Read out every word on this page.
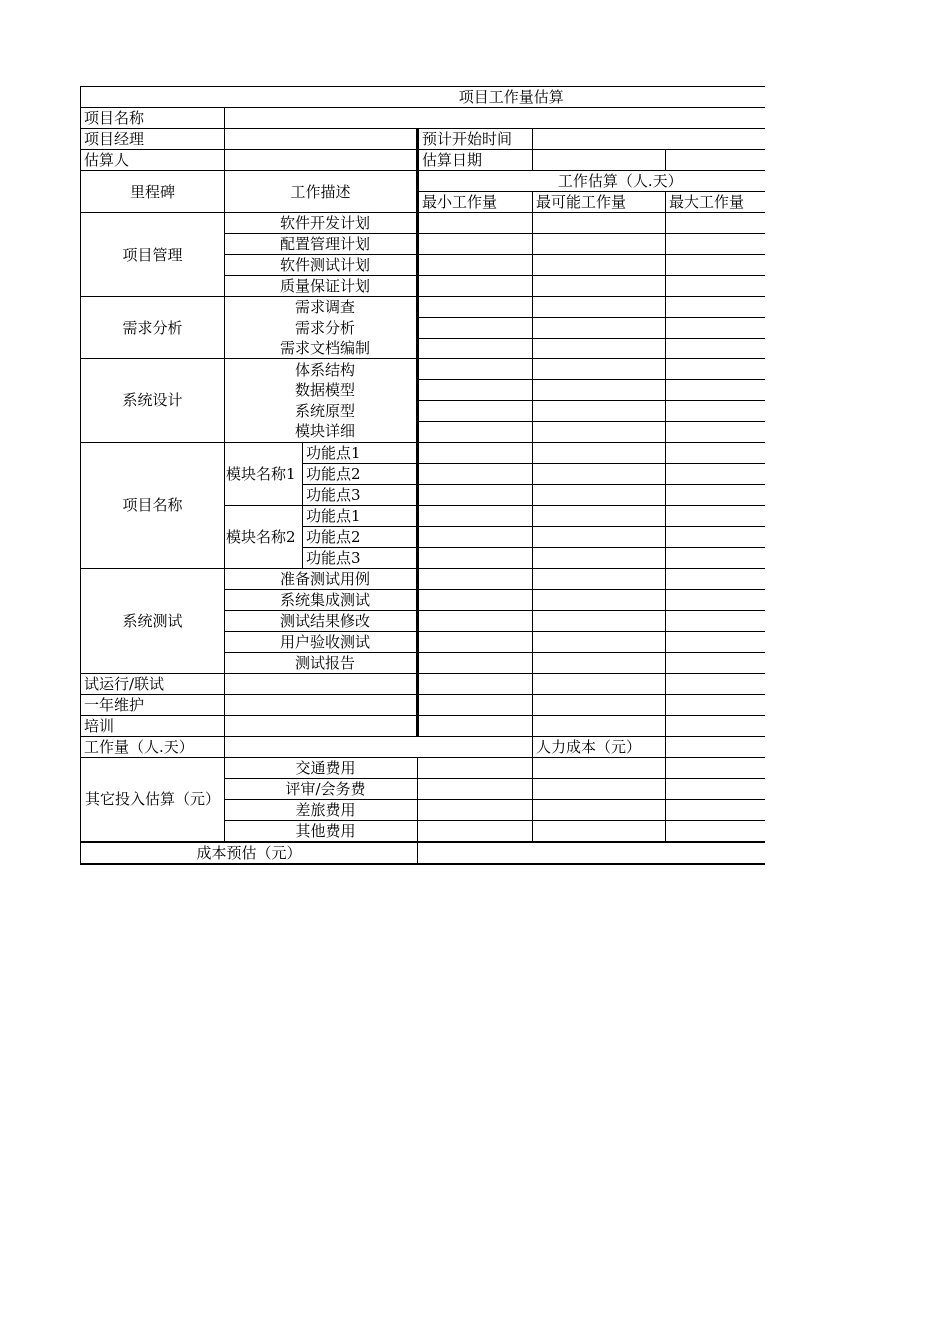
项目工作量估算					
项目名称					
项目经理			预计开始时间		
估算人			估算日期		
里程碑	工作描述		工作估算（人.天）		
			最小工作量	最可能工作量	最大工作量
项目管理	软件开发计划				
	配置管理计划				
	软件测试计划				
	质量保证计划				
需求分析	需求调查				
	需求分析				
	需求文档编制				
系统设计	体系结构				
	数据模型				
	系统原型				
	模块详细				
项目名称	模块名称1	功能点1			
		功能点2			
		功能点3			
	模块名称2	功能点1			
		功能点2			
		功能点3			
系统测试	准备测试用例				
	系统集成测试				
	测试结果修改				
	用户验收测试				
	测试报告				
试运行/联试					
一年维护					
培训					
工作量（人.天）				人力成本（元）	
其它投入估算（元）	交通费用				
	评审/会务费				
	差旅费用				
	其他费用				
成本预估（元）					
